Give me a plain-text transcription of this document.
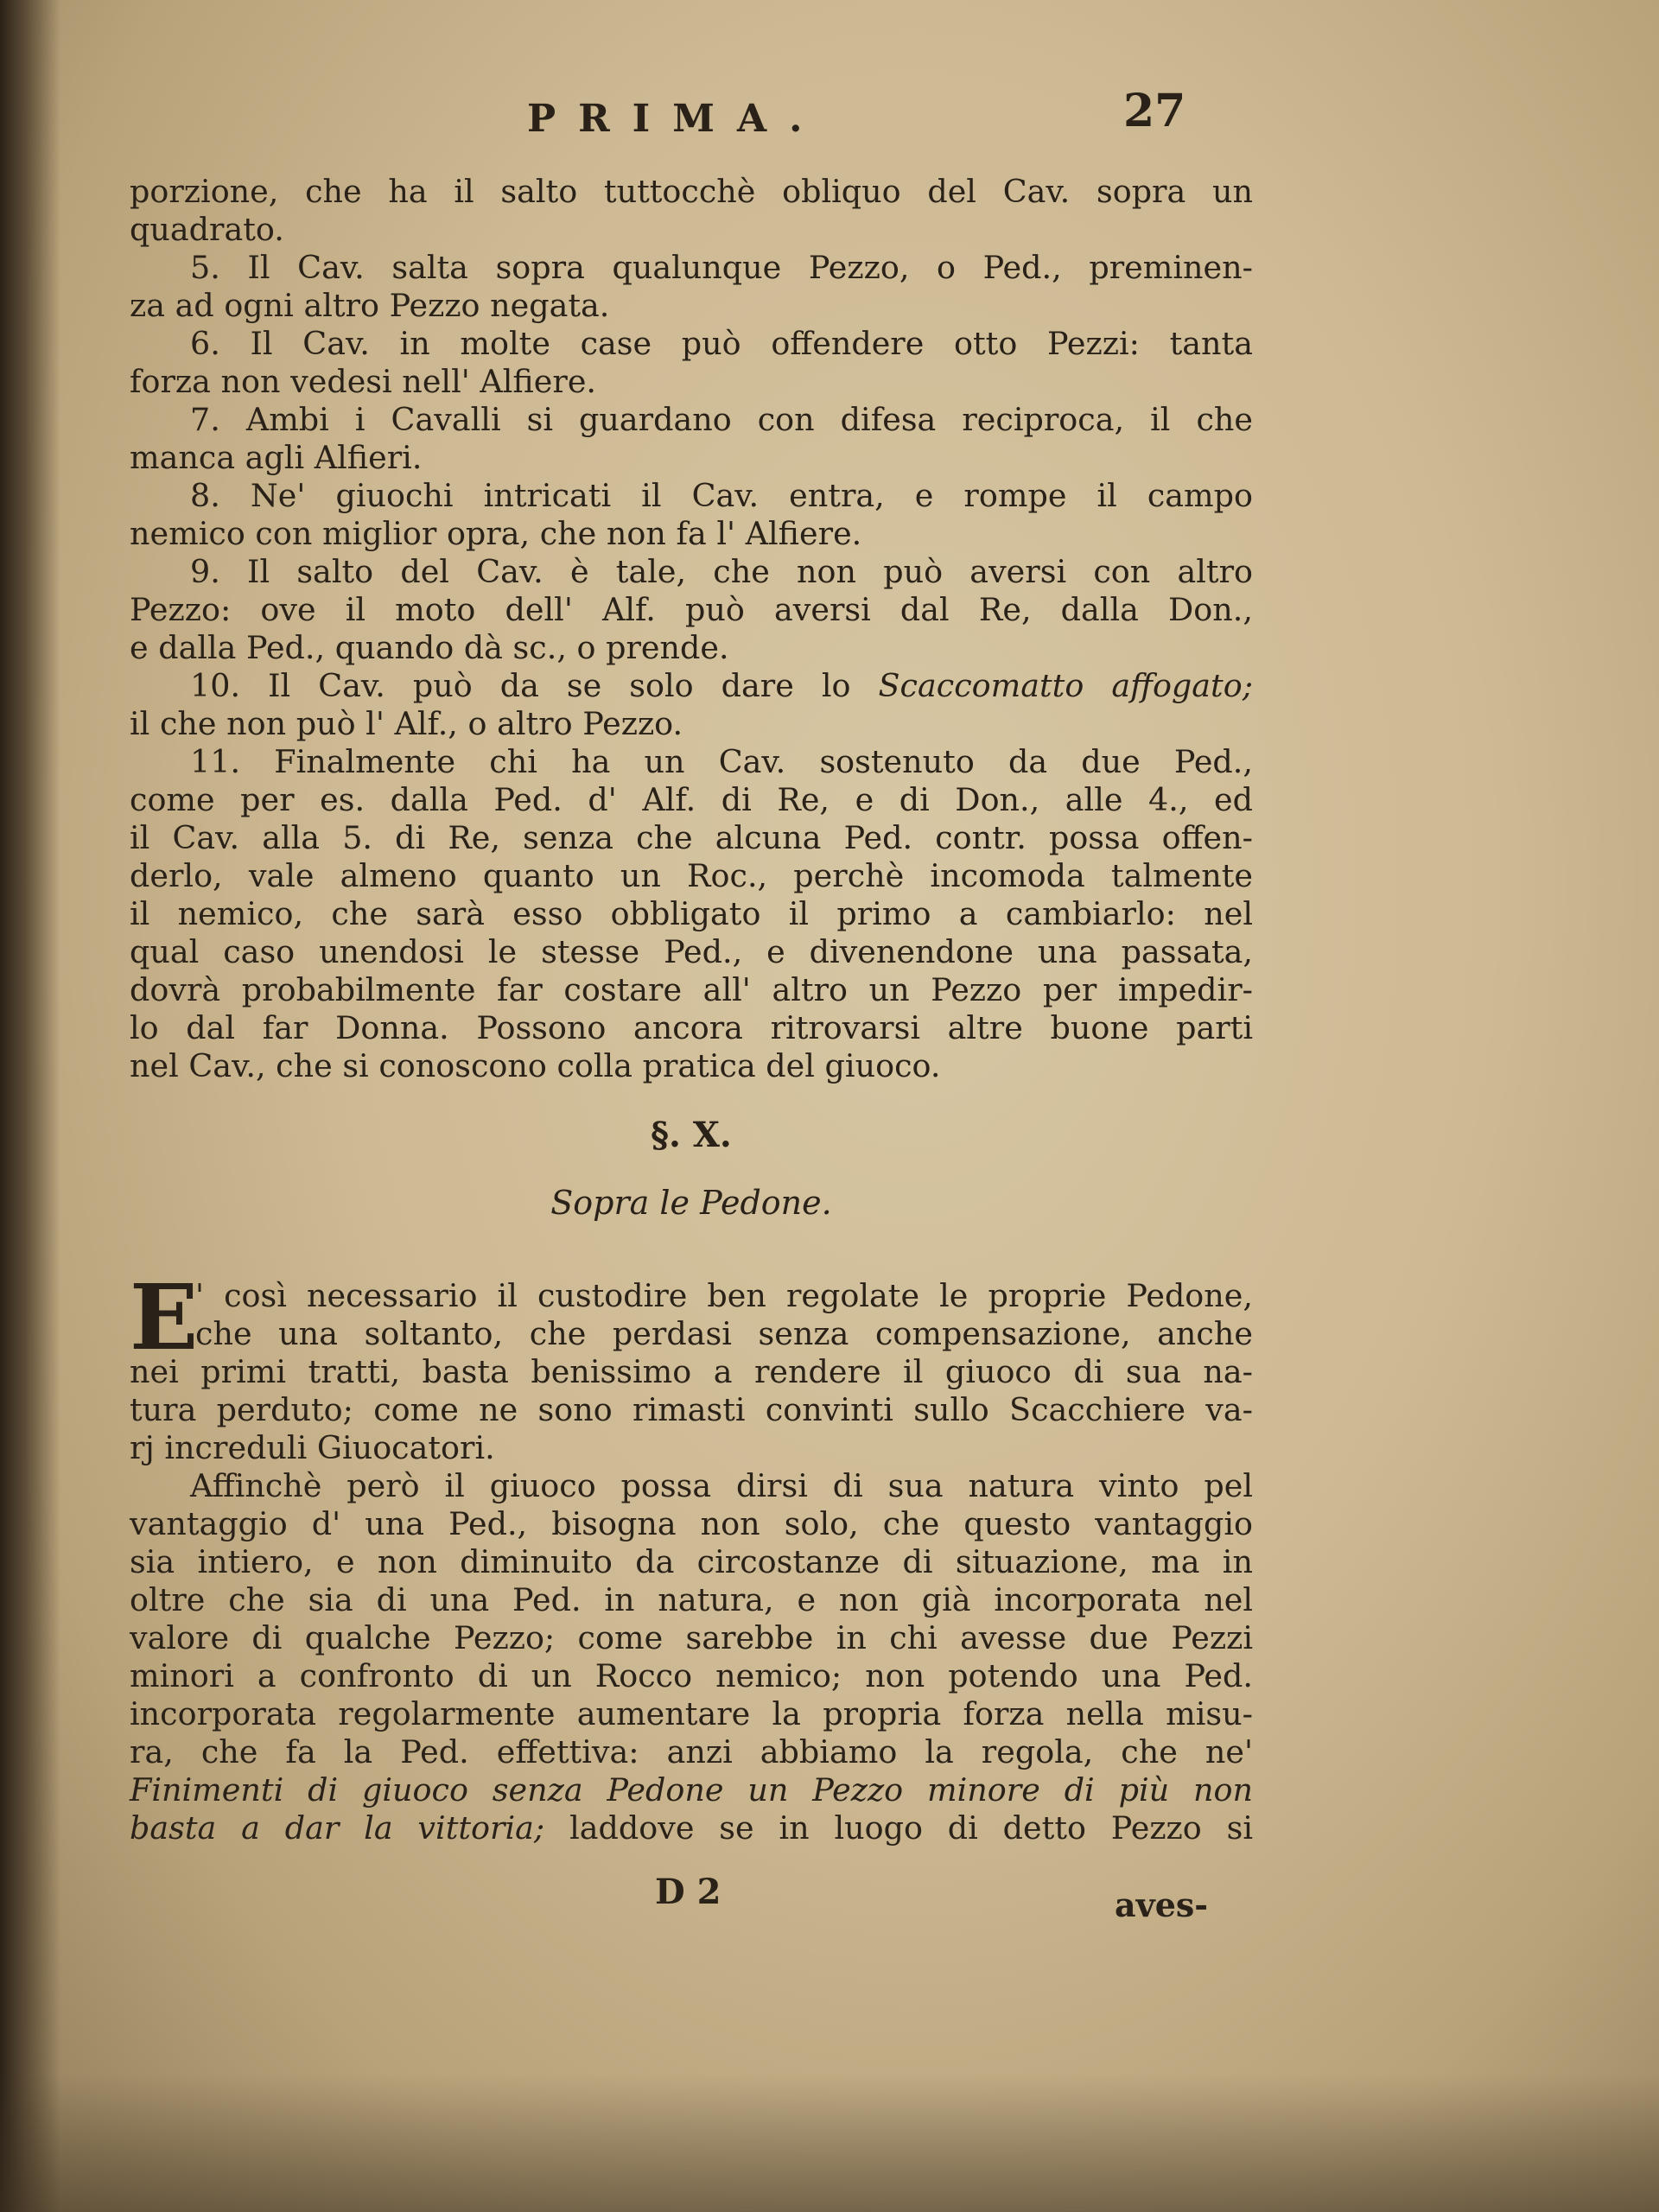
PRIMA.	27
porzione, che ha il salto tuttocchè obliquo del Cav. sopra un
quadrato.
5. Il Cav. salta sopra qualunque Pezzo, o Ped., preminen-
za ad ogni altro Pezzo negata.
6. Il Cav. in molte case può offendere otto Pezzi: tanta
forza non vedesi nell' Alfiere.
7. Ambi i Cavalli si guardano con difesa reciproca, il che
manca agli Alfieri.
8. Ne' giuochi intricati il Cav. entra, e rompe il campo
nemico con miglior opra, che non fa l' Alfiere.
9. Il salto del Cav. è tale, che non può aversi con altro
Pezzo: ove il moto dell' Alf. può aversi dal Re, dalla Don.,
e dalla Ped., quando dà sc., o prende.
10. Il Cav. può da se solo dare lo Scaccomatto affogato;
il che non può l' Alf., o altro Pezzo.
11. Finalmente chi ha un Cav. sostenuto da due Ped.,
come per es. dalla Ped. d' Alf. di Re, e di Don., alle 4., ed
il Cav. alla 5. di Re, senza che alcuna Ped. contr. possa offen-
derlo, vale almeno quanto un Roc., perchè incomoda talmente
il nemico, che sarà esso obbligato il primo a cambiarlo: nel
qual caso unendosi le stesse Ped., e divenendone una passata,
dovrà probabilmente far costare all' altro un Pezzo per impedir-
lo dal far Donna. Possono ancora ritrovarsi altre buone parti
nel Cav., che si conoscono colla pratica del giuoco.
§. X.
Sopra le Pedone.
E
' così necessario il custodire ben regolate le proprie Pedone,
che una soltanto, che perdasi senza compensazione, anche
nei primi tratti, basta benissimo a rendere il giuoco di sua na-
tura perduto; come ne sono rimasti convinti sullo Scacchiere va-
rj increduli Giuocatori.
Affinchè però il giuoco possa dirsi di sua natura vinto pel
vantaggio d' una Ped., bisogna non solo, che questo vantaggio
sia intiero, e non diminuito da circostanze di situazione, ma in
oltre che sia di una Ped. in natura, e non già incorporata nel
valore di qualche Pezzo; come sarebbe in chi avesse due Pezzi
minori a confronto di un Rocco nemico; non potendo una Ped.
incorporata regolarmente aumentare la propria forza nella misu-
ra, che fa la Ped. effettiva: anzi abbiamo la regola, che ne'
Finimenti di giuoco senza Pedone un Pezzo minore di più non
basta a dar la vittoria; laddove se in luogo di detto Pezzo si
D 2	aves-
